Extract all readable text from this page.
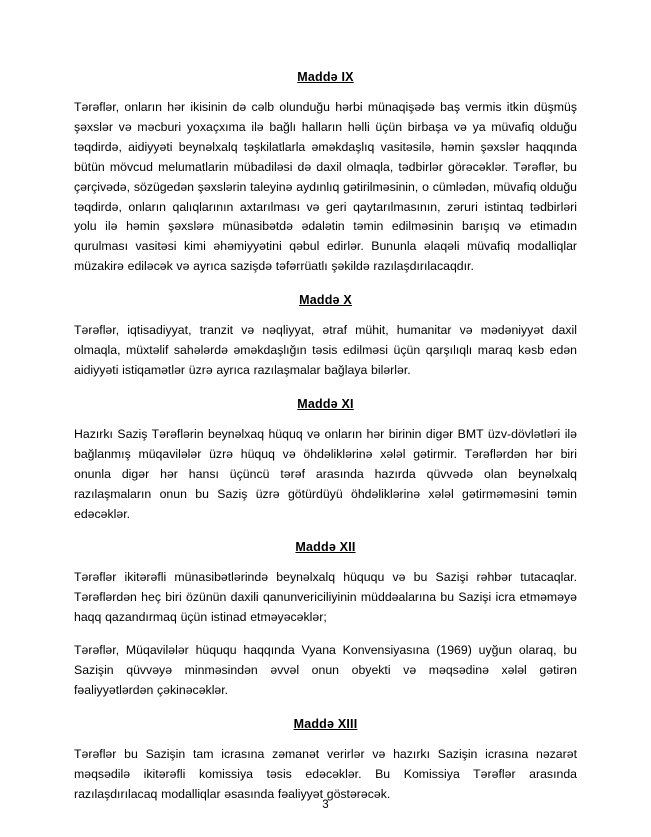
Maddə IX

Tərəflər, onların hər ikisinin də cəlb olunduğu hərbi münaqişədə baş vermis itkin düşmüş şəxslər və məcburi yoxaçxıma ilə bağlı halların həlli üçün birbaşa və ya müvafiq olduğu təqdirdə, aidiyyəti beynəlxalq təşkilatlarla əməkdaşlıq vasitəsilə, həmin şəxslər haqqında bütün mövcud melumatlarin mübadiləsi də daxil olmaqla, tədbirlər görəcəklər. Tərəflər, bu çərçivədə, sözügedən şəxslərin taleyinə aydınlıq gətirilməsinin, o cümlədən, müvafiq olduğu təqdirdə, onların qalıqlarının axtarılması və geri qaytarılmasının, zəruri istintaq tədbirləri yolu ilə həmin şəxslərə münasibətdə ədalətin təmin edilməsinin barışıq və etimadın qurulması vasitəsi kimi əhəmiyyətini qəbul edirlər. Bununla əlaqəli müvafiq modalliqlar müzakirə ediləcək və ayrıca sazişdə təfərrüatlı şəkildə razılaşdırılacaqdır.

Maddə X

Tərəflər, iqtisadiyyat, tranzit və nəqliyyat, ətraf mühit, humanitar və mədəniyyət daxil olmaqla, müxtəlif sahələrdə əməkdaşlığın təsis edilməsi üçün qarşılıqlı maraq kəsb edən aidiyyəti istiqamətlər üzrə ayrıca razılaşmalar bağlaya bilərlər.

Maddə XI

Hazırkı Saziş Tərəflərin beynəlxaq hüquq və onların hər birinin digər BMT üzv-dövlətləri ilə bağlanmış müqavilələr üzrə hüquq və öhdəliklərinə xələl gətirmir. Tərəflərdən hər biri onunla digər hər hansı üçüncü tərəf arasında hazırda qüvvədə olan beynəlxalq razılaşmaların onun bu Saziş üzrə götürdüyü öhdəliklərinə xələl gətirməməsini təmin edəcəklər.

Maddə XII

Tərəflər ikitərəfli münasibətlərində beynəlxalq hüququ və bu Sazişi rəhbər tutacaqlar. Tərəflərdən heç biri özünün daxili qanunvericiliyinin müddəalarına bu Sazişi icra etməməyə haqq qazandırmaq üçün istinad etməyəcəklər;

Tərəflər, Müqavilələr hüququ haqqında Vyana Konvensiyasına (1969) uyğun olaraq, bu Sazişin qüvvəyə minməsindən əvvəl onun obyekti və məqsədinə xələl gətirən fəaliyyətlərdən çəkinəcəklər.

Maddə XIII

Tərəflər bu Sazişin tam icrasına zəmanət verirlər və hazırkı Sazişin icrasına nəzarət məqsədilə ikitərəfli komissiya təsis edəcəklər. Bu Komissiya Tərəflər arasında razılaşdırılacaq modalliqlar əsasında fəaliyyət göstərəcək.

3
